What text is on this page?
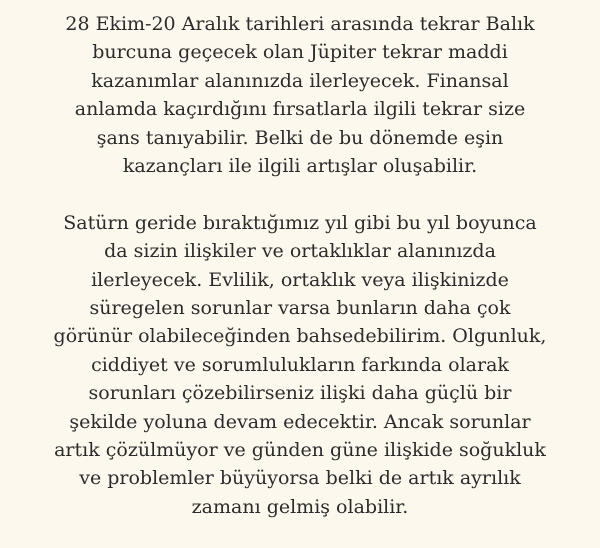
28 Ekim-20 Aralık tarihleri arasında tekrar Balık
burcuna geçecek olan Jüpiter tekrar maddi
kazanımlar alanınızda ilerleyecek. Finansal
anlamda kaçırdığını fırsatlarla ilgili tekrar size
şans tanıyabilir. Belki de bu dönemde eşin
kazançları ile ilgili artışlar oluşabilir.

Satürn geride bıraktığımız yıl gibi bu yıl boyunca
da sizin ilişkiler ve ortaklıklar alanınızda
ilerleyecek. Evlilik, ortaklık veya ilişkinizde
süregelen sorunlar varsa bunların daha çok
görünür olabileceğinden bahsedebilirim. Olgunluk,
ciddiyet ve sorumlulukların farkında olarak
sorunları çözebilirseniz ilişki daha güçlü bir
şekilde yoluna devam edecektir. Ancak sorunlar
artık çözülmüyor ve günden güne ilişkide soğukluk
ve problemler büyüyorsa belki de artık ayrılık
zamanı gelmiş olabilir.
